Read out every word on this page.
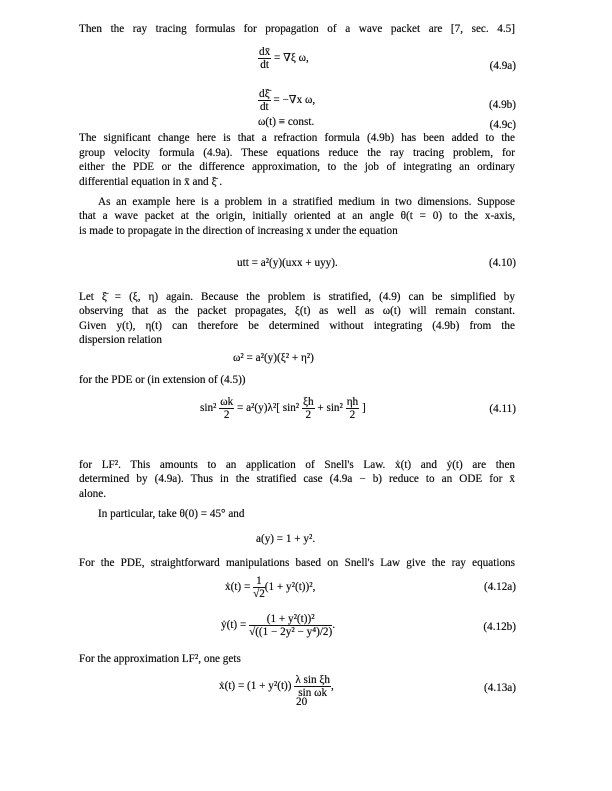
Then the ray tracing formulas for propagation of a wave packet are [7, sec. 4.5]
$\frac{dx̄}{dt} = \nabla\xi$ ω,
(4.9a)
$\frac{d\xī}{dt} = -\nabla x$ ω,	(4.9b)
ω(t) ≡ const.	(4.9c)
The significant change here is that a refraction formula (4.9b) has been added to the
group velocity formula (4.9a). These equations reduce the ray tracing problem, for
either the PDE or the difference approximation, to the job of integrating an ordinary
differential equation in x̄ and ξ̄ .
As an example here is a problem in a stratified medium in two dimensions. Suppose
that a wave packet at the origin, initially oriented at an angle θ(t = 0) to the x-axis,
is made to propagate in the direction of increasing x under the equation
utt = a²(y)(uxx + uyy).	(4.10)
Let ξ̄ = (ξ, η) again. Because the problem is stratified, (4.9) can be simplified by
observing that as the packet propagates, ξ(t) as well as ω(t) will remain constant.
Given y(t), η(t) can therefore be determined without integrating (4.9b) from the
dispersion relation
ω² = a²(y)(ξ² + η²)
for the PDE or (in extension of (4.5))
$\sin^2 \frac{\omega k}{2} = a^2(y)\lambda^2$[ $\sin^2 \frac{\xi h}{2} + \sin^2 \frac{\eta h}{2}$ ]	(4.11)
for LF². This amounts to an application of Snell's Law. ẋ(t) and ẏ(t) are then
determined by (4.9a). Thus in the stratified case (4.9a − b) reduce to an ODE for x̄
alone.
In particular, take θ(0) = 45° and
a(y) = 1 + y².
For the PDE, straightforward manipulations based on Snell's Law give the ray equations
ẋ(t) = $\frac{1}{√2} (1 + y^2(t))^2$,	(4.12a)
ẏ(t) = $\frac{\text{(1 + y²(t))²}}{\text{√((1 − 2y² − y⁴)/2)}}$ .	(4.12b)
For the approximation LF², one gets
ẋ(t) = $(1 + y^2(t)) \frac{\text{λ sin ξh}}{\text{sin ωk}}$ ,	(4.13a)
20
